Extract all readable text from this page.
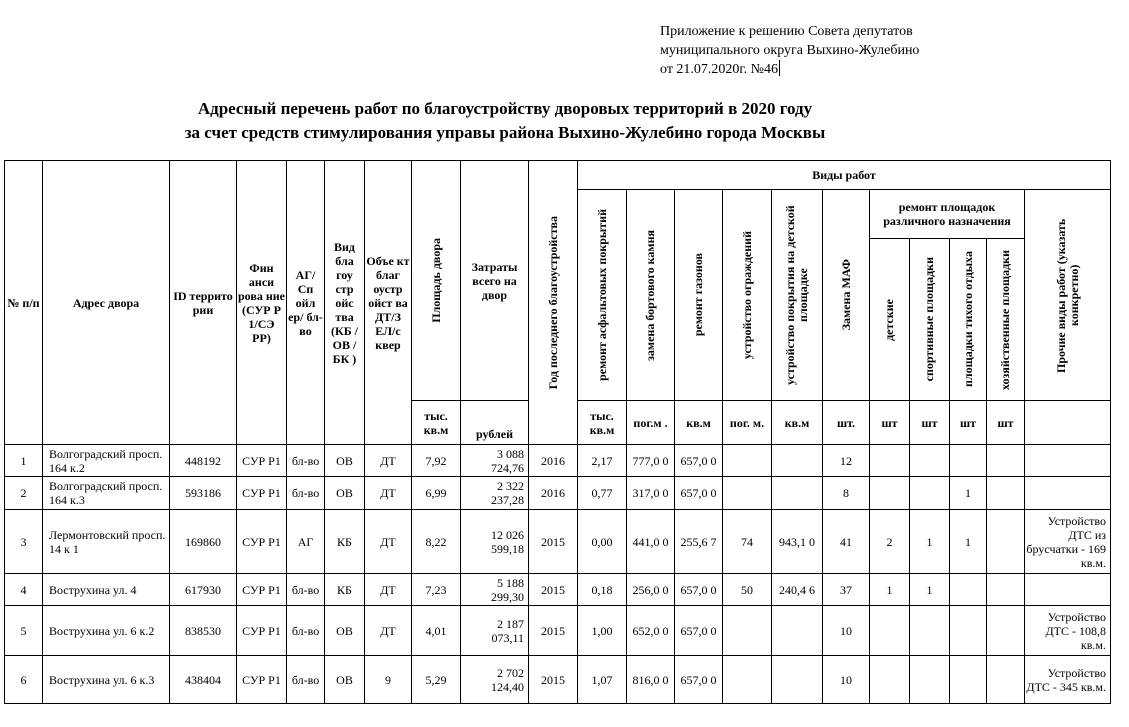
Приложение к решению Совета депутатов
муниципального округа Выхино-Жулебино
от 21.07.2020г. №46
Адресный перечень работ по благоустройству дворовых территорий в 2020 году
за счет средств стимулирования управы района Выхино-Жулебино города Москвы
№ п/п	Адрес двора	ID террито рии	Фин анси рова ние (СУР Р 1/СЭ РР)	АГ/ Сп ойл ер/ бл-во	Вид бла гоу стр ойс тва (КБ /ОВ /БК )	Объе кт благ оустр ойст ва ДТ/З ЕЛ/с квер	Площадь двора	Затраты всего на двор	Год последнего благоустройства	Виды работ										

										ремонт асфальтовых покрытий	замена бортового камня	ремонт газонов	устройство ограждений	устройство покрытия на детской площадке	Замена МАФ	ремонт площадок различного назначения				Прочие виды работ (указать конкретно)

																детские	спортивные площадки	площадки тихого отдыха	хозяйственные площадки	

							тыс. кв.м	рублей		тыс. кв.м	пог.м .	кв.м	пог. м.	кв.м	шт.	шт	шт	шт	шт	
1	Волгоградский просп. 164 к.2	448192	СУР Р1	бл-во	ОВ	ДТ	7,92	3 088 724,76	2016	2,17	777,0 0	657,0 0			12					
2	Волгоградский просп. 164 к.3	593186	СУР Р1	бл-во	ОВ	ДТ	6,99	2 322 237,28	2016	0,77	317,0 0	657,0 0			8			1		
3	Лермонтовский просп. 14 к 1	169860	СУР Р1	АГ	КБ	ДТ	8,22	12 026 599,18	2015	0,00	441,0 0	255,6 7	74	943,1 0	41	2	1	1		Устройство ДТС из брусчатки - 169 кв.м.
4	Вострухина ул. 4	617930	СУР Р1	бл-во	КБ	ДТ	7,23	5 188 299,30	2015	0,18	256,0 0	657,0 0	50	240,4 6	37	1	1			
5	Вострухина ул. 6 к.2	838530	СУР Р1	бл-во	ОВ	ДТ	4,01	2 187 073,11	2015	1,00	652,0 0	657,0 0			10					Устройство ДТС - 108,8 кв.м.
6	Вострухина ул. 6 к.3	438404	СУР Р1	бл-во	ОВ	9	5,29	2 702 124,40	2015	1,07	816,0 0	657,0 0			10					Устройство ДТС - 345 кв.м.
